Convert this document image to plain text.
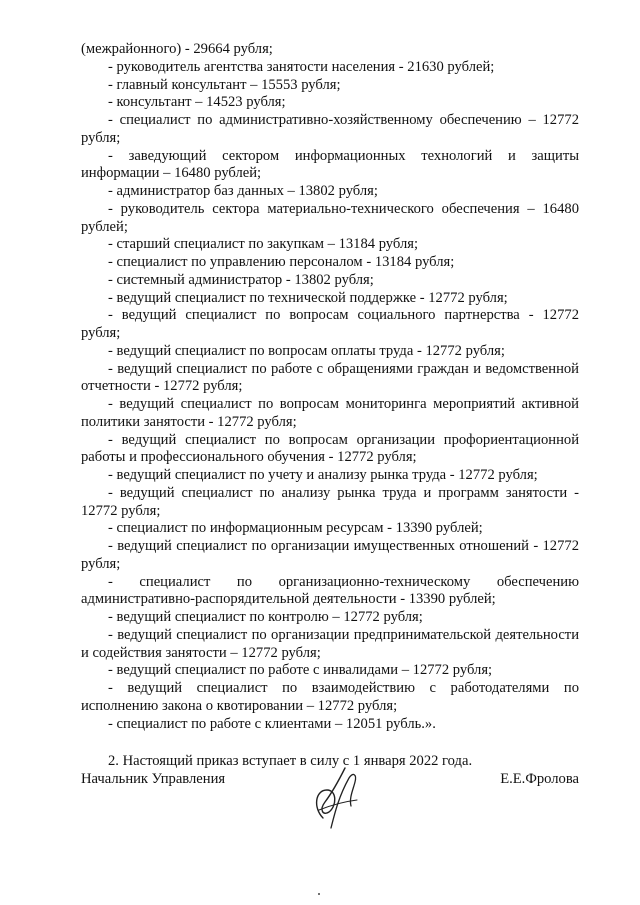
(межрайонного) - 29664 рубля;

- руководитель агентства занятости населения - 21630 рублей;

- главный консультант – 15553 рубля;

- консультант – 14523 рубля;

- специалист по административно-хозяйственному обеспечению – 12772 рубля;

- заведующий сектором информационных технологий и защиты информации – 16480 рублей;

- администратор баз данных – 13802 рубля;

- руководитель сектора материально-технического обеспечения – 16480 рублей;

- старший специалист по закупкам – 13184 рубля;

- специалист по управлению персоналом - 13184 рубля;

- системный администратор - 13802 рубля;

- ведущий специалист по технической поддержке - 12772 рубля;

- ведущий специалист по вопросам социального партнерства - 12772 рубля;

- ведущий специалист по вопросам оплаты труда - 12772 рубля;

- ведущий специалист по работе с обращениями граждан и ведомственной отчетности - 12772 рубля;

- ведущий специалист по вопросам мониторинга мероприятий активной политики занятости - 12772 рубля;

- ведущий специалист по вопросам организации профориентационной работы и профессионального обучения - 12772 рубля;

- ведущий специалист по учету и анализу рынка труда - 12772 рубля;

- ведущий специалист по анализу рынка труда и программ занятости - 12772 рубля;

- специалист по информационным ресурсам - 13390 рублей;

- ведущий специалист по организации имущественных отношений - 12772 рубля;

- специалист по организационно-техническому обеспечению административно-распорядительной деятельности - 13390 рублей;

- ведущий специалист по контролю – 12772 рубля;

- ведущий специалист по организации предпринимательской деятельности и содействия занятости – 12772 рубля;

- ведущий специалист по работе с инвалидами – 12772 рубля;

- ведущий специалист по взаимодействию с работодателями по исполнению закона о квотировании – 12772 рубля;

- специалист по работе с клиентами – 12051 рубль.».

2. Настоящий приказ вступает в силу с 1 января 2022 года.

Начальник Управления	Е.Е.Фролова
